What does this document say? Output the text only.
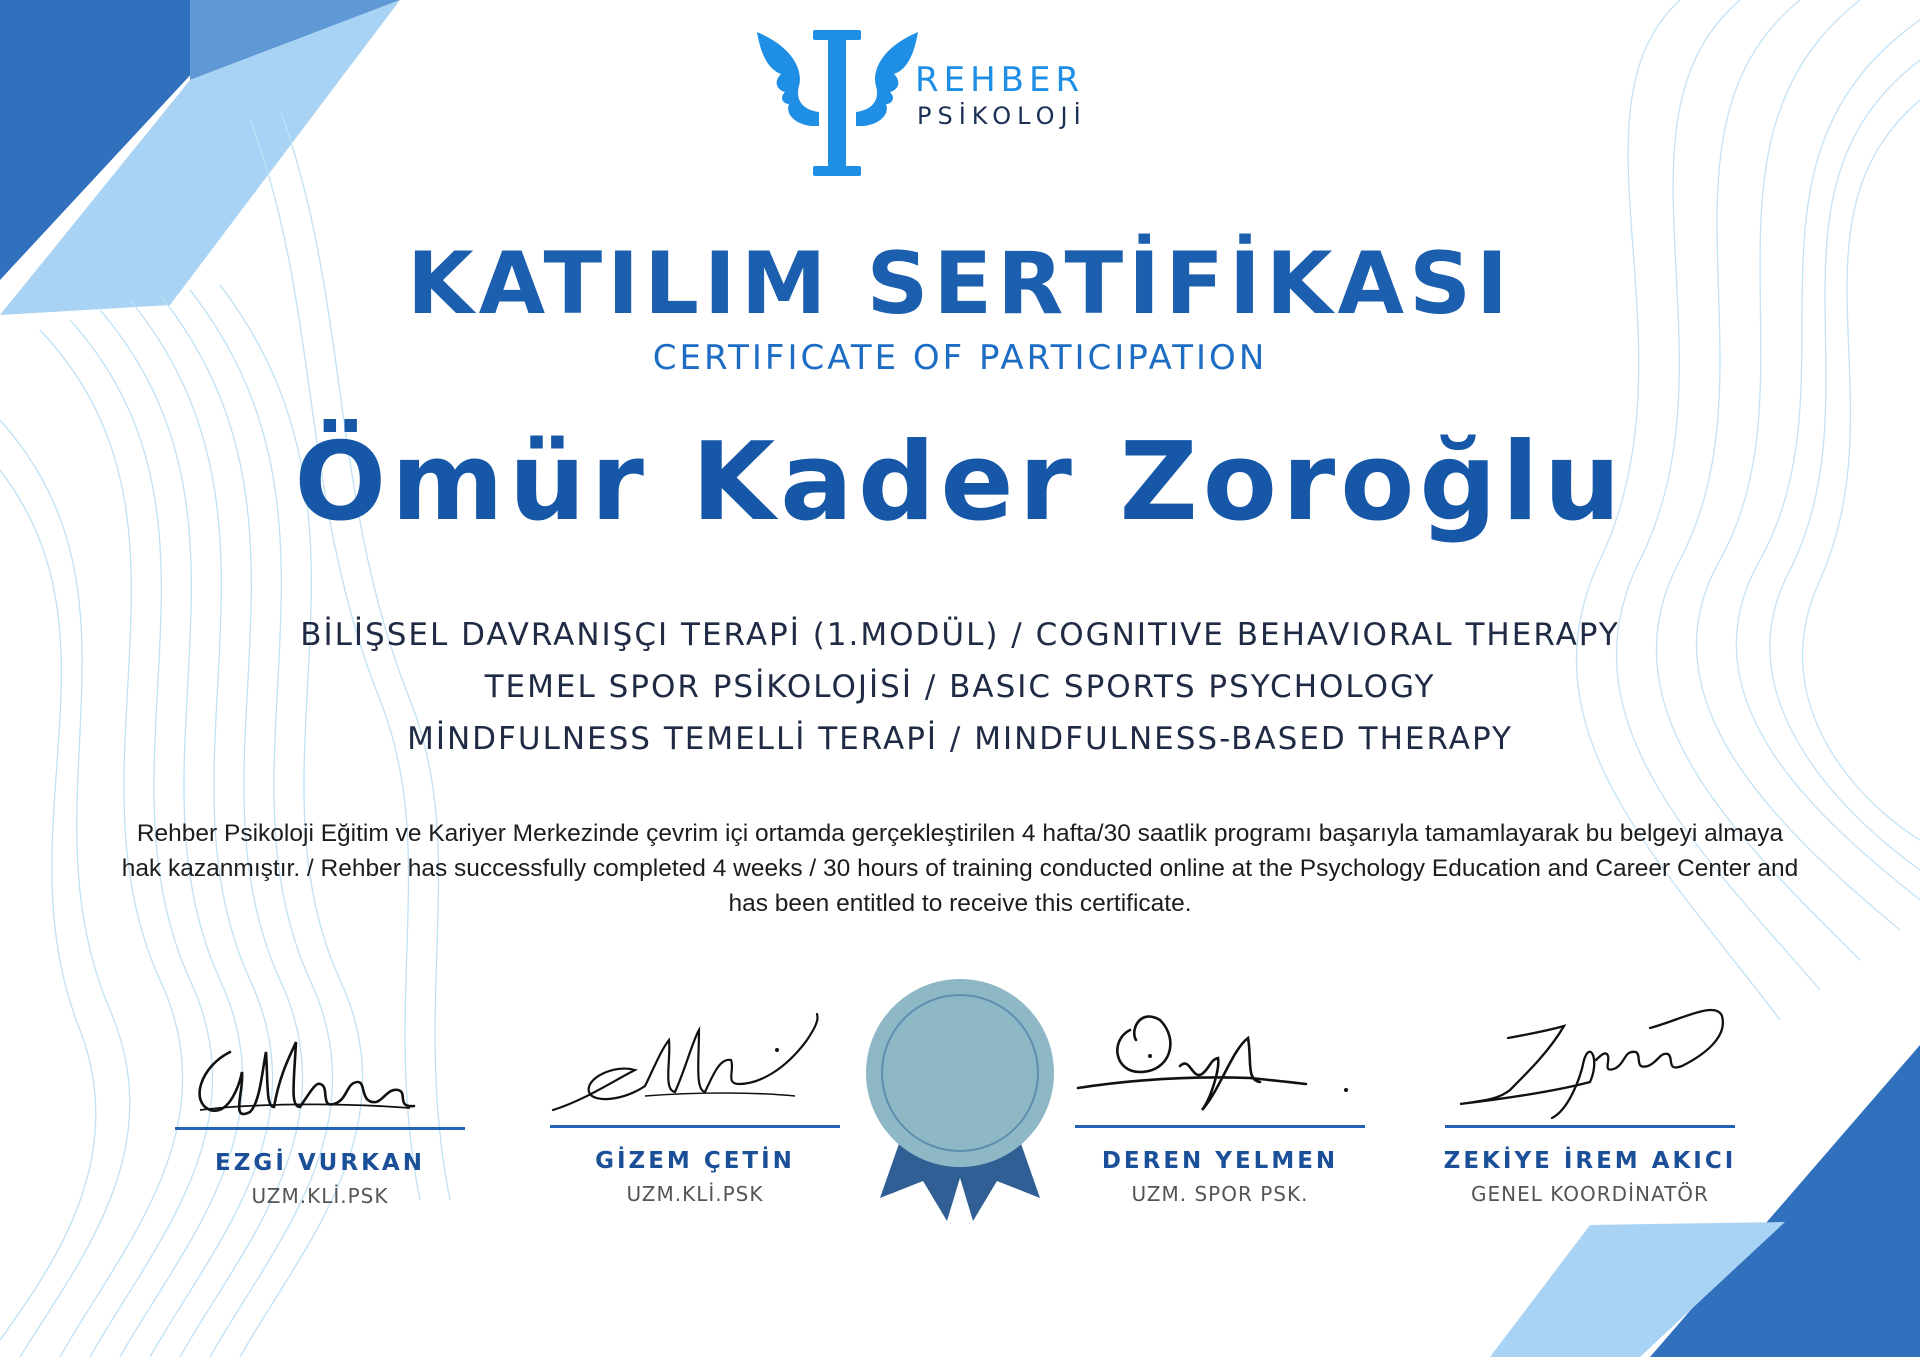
REHBER
PSİKOLOJİ
KATILIM SERTİFİKASI
CERTIFICATE OF PARTICIPATION
Ömür Kader Zoroğlu
BİLİŞSEL DAVRANIŞÇI TERAPİ (1.MODÜL) / COGNITIVE BEHAVIORAL THERAPY
TEMEL SPOR PSİKOLOJİSİ / BASIC SPORTS PSYCHOLOGY
MİNDFULNESS TEMELLİ TERAPİ / MINDFULNESS-BASED THERAPY
Rehber Psikoloji Eğitim ve Kariyer Merkezinde çevrim içi ortamda gerçekleştirilen 4 hafta/30 saatlik programı başarıyla tamamlayarak bu belgeyi almaya hak kazanmıştır. / Rehber has successfully completed 4 weeks / 30 hours of training conducted online at the Psychology Education and Career Center and has been entitled to receive this certificate.
EZGİ VURKAN
UZM.KLİ.PSK
GİZEM ÇETİN
UZM.KLİ.PSK
DEREN YELMEN
UZM. SPOR PSK.
ZEKİYE İREM AKICI
GENEL KOORDİNATÖR
